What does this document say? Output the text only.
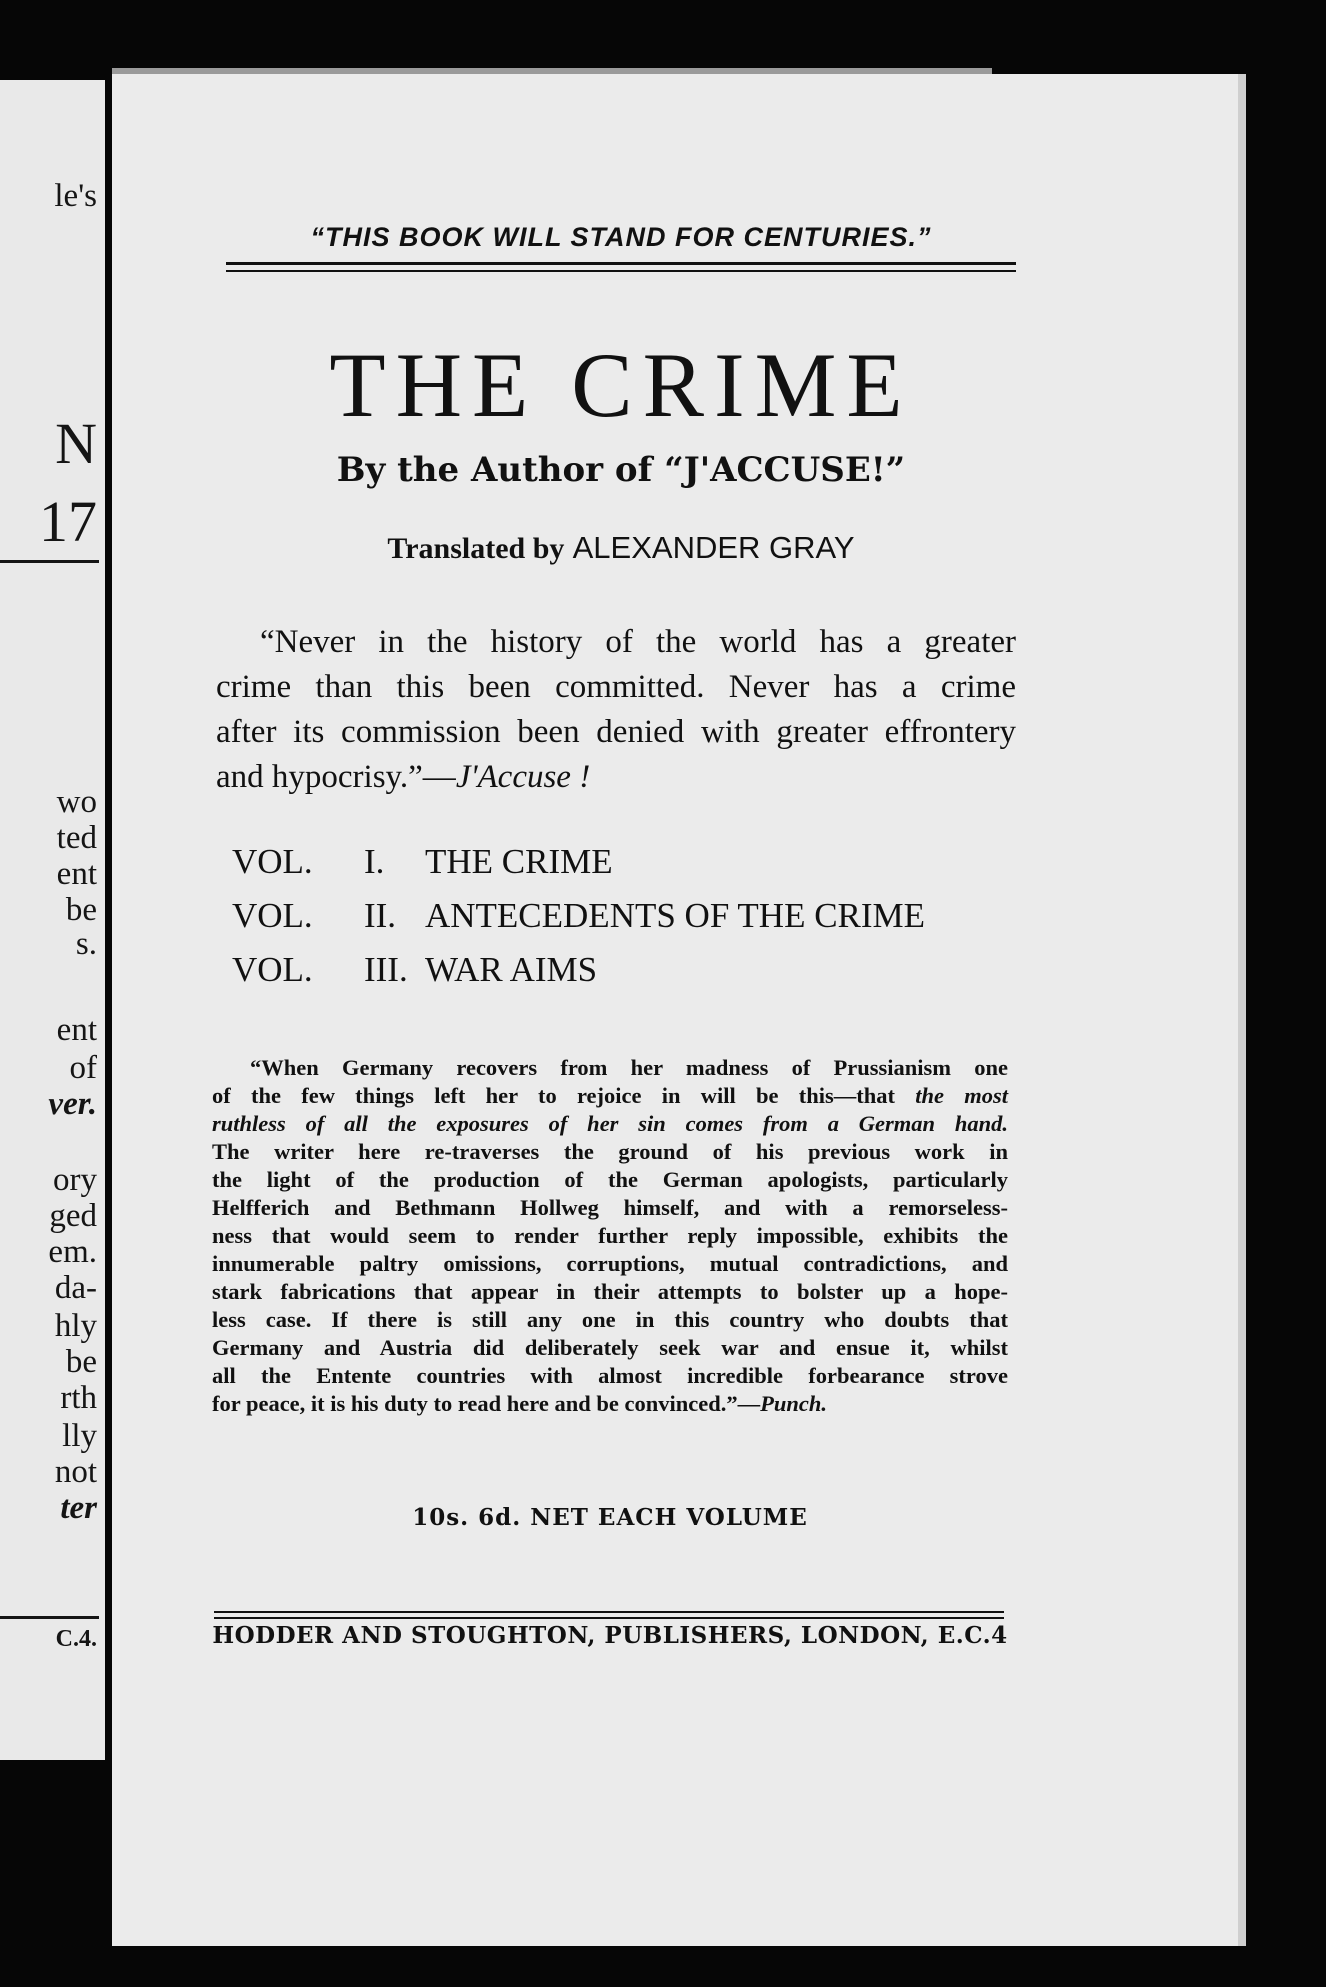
le's
N
17
wo
ted
ent
be
s.
ent
of
ver.
ory
ged
em.
da-
hly
be
rth
lly
not
ter
C.4.
“THIS BOOK WILL STAND FOR CENTURIES.”
THE CRIME
By the Author of “J'ACCUSE!”
Translated by ALEXANDER GRAY
“Never in the history of the world has a greater
crime than this been committed. Never has a crime
after its commission been denied with greater effrontery
and hypocrisy.”—J'Accuse !
VOL. I. THE CRIME
VOL. II. ANTECEDENTS OF THE CRIME
VOL. III. WAR AIMS
“When Germany recovers from her madness of Prussianism one
of the few things left her to rejoice in will be this—that the most
ruthless of all the exposures of her sin comes from a German hand.
The writer here re-traverses the ground of his previous work in
the light of the production of the German apologists, particularly
Helfferich and Bethmann Hollweg himself, and with a remorseless-
ness that would seem to render further reply impossible, exhibits the
innumerable paltry omissions, corruptions, mutual contradictions, and
stark fabrications that appear in their attempts to bolster up a hope-
less case. If there is still any one in this country who doubts that
Germany and Austria did deliberately seek war and ensue it, whilst
all the Entente countries with almost incredible forbearance strove
for peace, it is his duty to read here and be convinced.”—Punch.
10s. 6d. NET EACH VOLUME
HODDER AND STOUGHTON, PUBLISHERS, LONDON, E.C.4
